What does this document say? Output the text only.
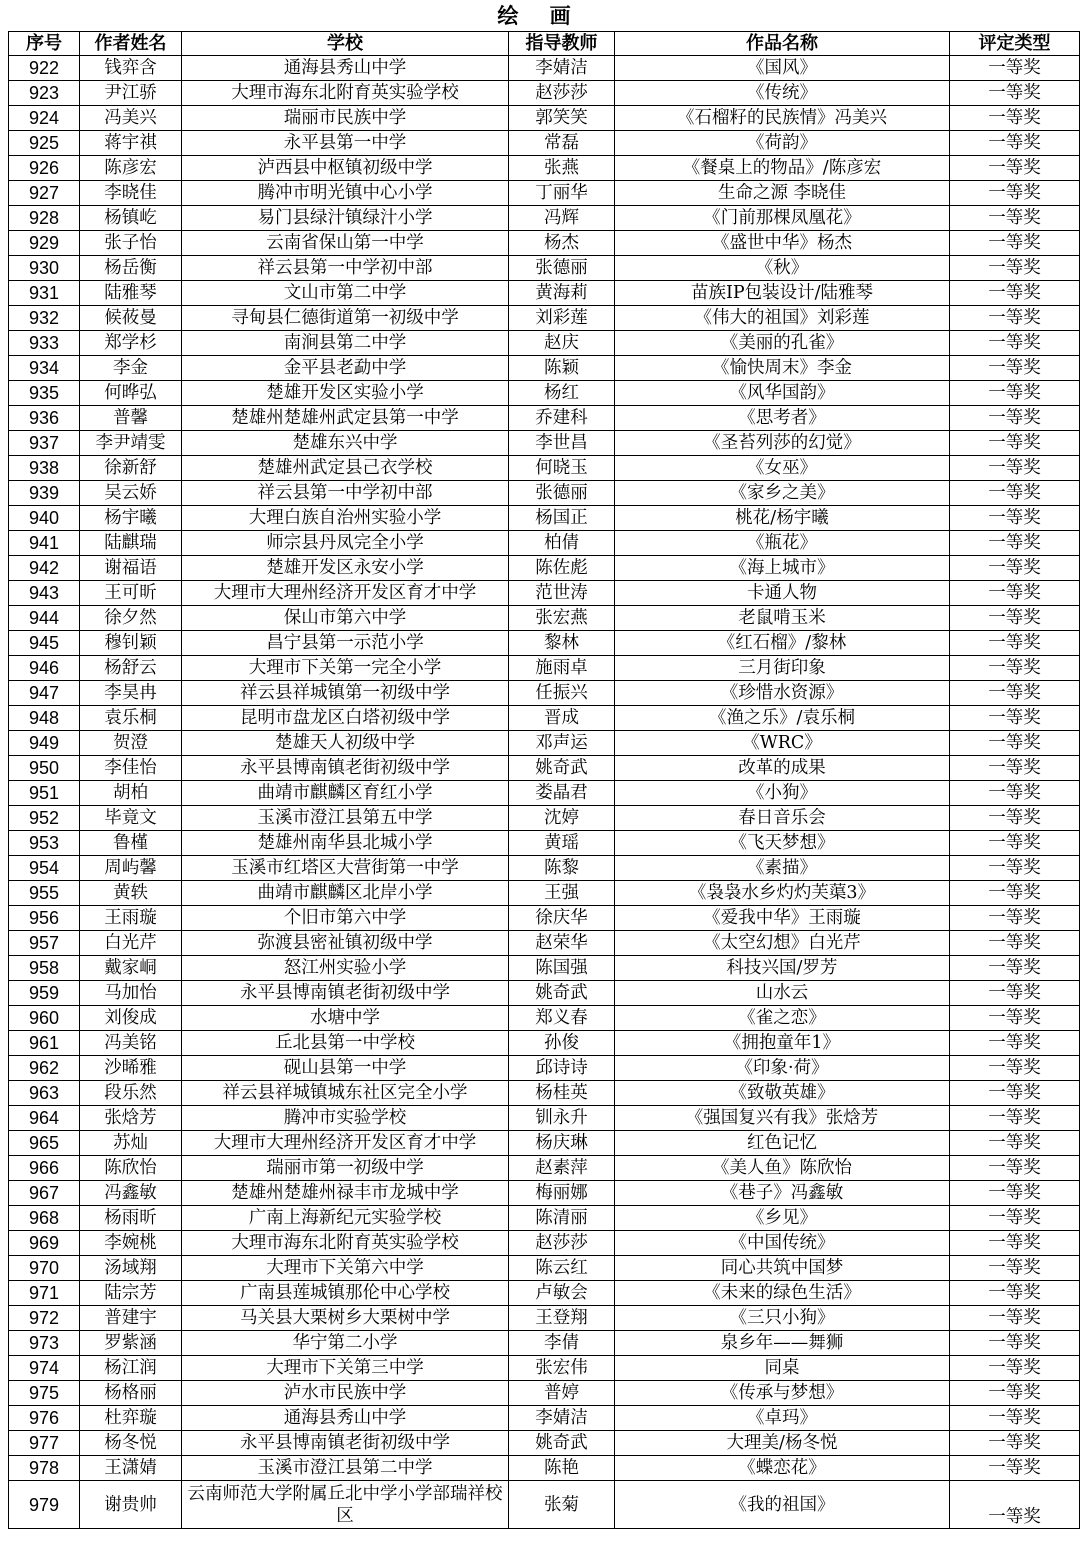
绘 画
序号	作者姓名	学校	指导教师	作品名称	评定类型
922	钱弈含	通海县秀山中学	李婧洁	《国风》	一等奖
923	尹江骄	大理市海东北附育英实验学校	赵莎莎	《传统》	一等奖
924	冯美兴	瑞丽市民族中学	郭笑笑	《石榴籽的民族情》冯美兴	一等奖
925	蒋宇祺	永平县第一中学	常磊	《荷韵》	一等奖
926	陈彦宏	泸西县中枢镇初级中学	张燕	《餐桌上的物品》/陈彦宏	一等奖
927	李晓佳	腾冲市明光镇中心小学	丁丽华	生命之源 李晓佳	一等奖
928	杨镇屹	易门县绿汁镇绿汁小学	冯辉	《门前那棵凤凰花》	一等奖
929	张子怡	云南省保山第一中学	杨杰	《盛世中华》杨杰	一等奖
930	杨岳衡	祥云县第一中学初中部	张德丽	《秋》	一等奖
931	陆雅琴	文山市第二中学	黄海莉	苗族IP包装设计/陆雅琴	一等奖
932	候莜曼	寻甸县仁德街道第一初级中学	刘彩莲	《伟大的祖国》刘彩莲	一等奖
933	郑学杉	南涧县第二中学	赵庆	《美丽的孔雀》	一等奖
934	李金	金平县老勐中学	陈颖	《愉快周末》李金	一等奖
935	何晔弘	楚雄开发区实验小学	杨红	《风华国韵》	一等奖
936	普馨	楚雄州楚雄州武定县第一中学	乔建科	《思考者》	一等奖
937	李尹靖雯	楚雄东兴中学	李世昌	《圣苔列莎的幻觉》	一等奖
938	徐新舒	楚雄州武定县己衣学校	何晓玉	《女巫》	一等奖
939	吴云娇	祥云县第一中学初中部	张德丽	《家乡之美》	一等奖
940	杨宇曦	大理白族自治州实验小学	杨国正	桃花/杨宇曦	一等奖
941	陆麒瑞	师宗县丹凤完全小学	柏倩	《瓶花》	一等奖
942	谢福语	楚雄开发区永安小学	陈佐彪	《海上城市》	一等奖
943	王可昕	大理市大理州经济开发区育才中学	范世涛	卡通人物	一等奖
944	徐夕然	保山市第六中学	张宏燕	老鼠啃玉米	一等奖
945	穆钊颖	昌宁县第一示范小学	黎林	《红石榴》/黎林	一等奖
946	杨舒云	大理市下关第一完全小学	施雨卓	三月街印象	一等奖
947	李昊冉	祥云县祥城镇第一初级中学	任振兴	《珍惜水资源》	一等奖
948	袁乐桐	昆明市盘龙区白塔初级中学	晋成	《渔之乐》/袁乐桐	一等奖
949	贺澄	楚雄天人初级中学	邓声运	《WRC》	一等奖
950	李佳怡	永平县博南镇老街初级中学	姚奇武	改革的成果	一等奖
951	胡柏	曲靖市麒麟区育红小学	娄晶君	《小狗》	一等奖
952	毕竟文	玉溪市澄江县第五中学	沈婷	春日音乐会	一等奖
953	鲁槿	楚雄州南华县北城小学	黄瑶	《飞天梦想》	一等奖
954	周屿馨	玉溪市红塔区大营街第一中学	陈黎	《素描》	一等奖
955	黄轶	曲靖市麒麟区北岸小学	王强	《袅袅水乡灼灼芙蕖3》	一等奖
956	王雨璇	个旧市第六中学	徐庆华	《爱我中华》王雨璇	一等奖
957	白光芹	弥渡县密祉镇初级中学	赵荣华	《太空幻想》白光芹	一等奖
958	戴家峒	怒江州实验小学	陈国强	科技兴国/罗芳	一等奖
959	马加怡	永平县博南镇老街初级中学	姚奇武	山水云	一等奖
960	刘俊成	水塘中学	郑义春	《雀之恋》	一等奖
961	冯美铭	丘北县第一中学校	孙俊	《拥抱童年1》	一等奖
962	沙晞雅	砚山县第一中学	邱诗诗	《印象·荷》	一等奖
963	段乐然	祥云县祥城镇城东社区完全小学	杨桂英	《致敬英雄》	一等奖
964	张焓芳	腾冲市实验学校	钏永升	《强国复兴有我》张焓芳	一等奖
965	苏灿	大理市大理州经济开发区育才中学	杨庆琳	红色记忆	一等奖
966	陈欣怡	瑞丽市第一初级中学	赵素萍	《美人鱼》陈欣怡	一等奖
967	冯鑫敏	楚雄州楚雄州禄丰市龙城中学	梅丽娜	《巷子》冯鑫敏	一等奖
968	杨雨昕	广南上海新纪元实验学校	陈清丽	《乡见》	一等奖
969	李婉桃	大理市海东北附育英实验学校	赵莎莎	《中国传统》	一等奖
970	汤域翔	大理市下关第六中学	陈云红	同心共筑中国梦	一等奖
971	陆宗芳	广南县莲城镇那伦中心学校	卢敏会	《未来的绿色生活》	一等奖
972	普建宇	马关县大栗树乡大栗树中学	王登翔	《三只小狗》	一等奖
973	罗紫涵	华宁第二小学	李倩	泉乡年——舞狮	一等奖
974	杨江润	大理市下关第三中学	张宏伟	同桌	一等奖
975	杨格丽	泸水市民族中学	普婷	《传承与梦想》	一等奖
976	杜弈璇	通海县秀山中学	李婧洁	《卓玛》	一等奖
977	杨冬悦	永平县博南镇老街初级中学	姚奇武	大理美/杨冬悦	一等奖
978	王潇婧	玉溪市澄江县第二中学	陈艳	《蝶恋花》	一等奖
979	谢贵帅	云南师范大学附属丘北中学小学部瑞祥校区	张菊	《我的祖国》	一等奖
